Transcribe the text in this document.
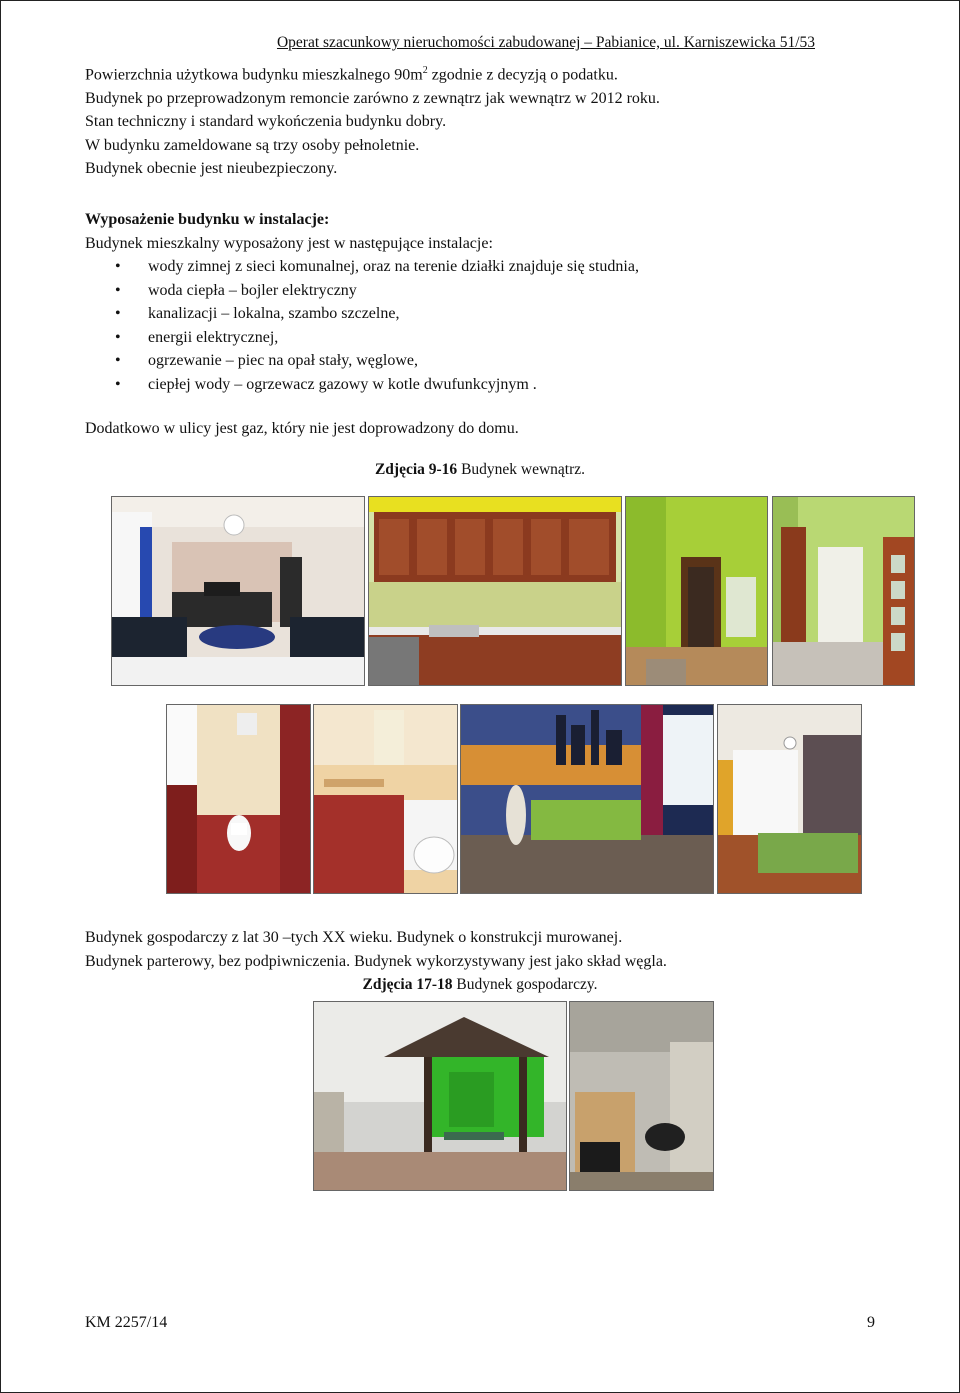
Operat szacunkowy nieruchomości zabudowanej – Pabianice, ul. Karniszewicka 51/53

Powierzchnia użytkowa budynku mieszkalnego $90m^2$ zgodnie z decyzją o podatku.

Budynek po przeprowadzonym remoncie zarówno z zewnątrz jak wewnątrz w 2012 roku.

Stan techniczny i standard wykończenia budynku dobry.

W budynku zameldowane są trzy osoby pełnoletnie.

Budynek obecnie jest nieubezpieczony.

Wyposażenie budynku w instalacje:

Budynek mieszkalny wyposażony jest w następujące instalacje:

• wody zimnej z sieci komunalnej, oraz na terenie działki znajduje się studnia,
• woda ciepła – bojler elektryczny
• kanalizacji – lokalna, szambo szczelne,
• energii elektrycznej,
• ogrzewanie – piec na opał stały, węglowe,
• ciepłej wody – ogrzewacz gazowy w kotle dwufunkcyjnym .

Dodatkowo w ulicy jest gaz, który nie jest doprowadzony do domu.

Zdjęcia 9-16 Budynek wewnątrz.

Budynek gospodarczy z lat 30 –tych XX wieku. Budynek o konstrukcji murowanej.

Budynek parterowy, bez podpiwniczenia. Budynek wykorzystywany jest jako skład węgla.

Zdjęcia 17-18 Budynek gospodarczy.
KM 2257/14	9
